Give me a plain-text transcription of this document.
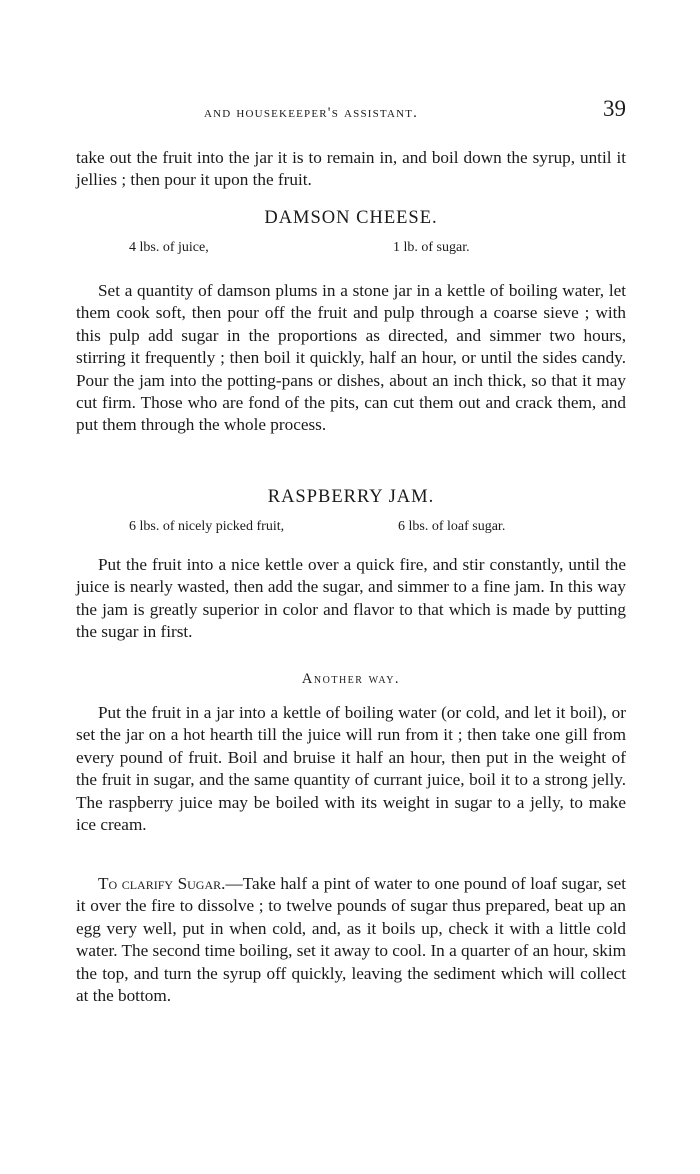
and housekeeper's assistant.	39

take out the fruit into the jar it is to remain in, and boil down the syrup, until it jellies ; then pour it upon the fruit.

DAMSON CHEESE.
4 lbs. of juice,	1 lb. of sugar.

Set a quantity of damson plums in a stone jar in a kettle of boiling water, let them cook soft, then pour off the fruit and pulp through a coarse sieve ; with this pulp add sugar in the proportions as directed, and simmer two hours, stirring it frequently ; then boil it quickly, half an hour, or until the sides candy. Pour the jam into the potting-pans or dishes, about an inch thick, so that it may cut firm. Those who are fond of the pits, can cut them out and crack them, and put them through the whole process.

RASPBERRY JAM.
6 lbs. of nicely picked fruit,	6 lbs. of loaf sugar.

Put the fruit into a nice kettle over a quick fire, and stir constantly, until the juice is nearly wasted, then add the sugar, and simmer to a fine jam. In this way the jam is greatly superior in color and flavor to that which is made by putting the sugar in first.

Another way.

Put the fruit in a jar into a kettle of boiling water (or cold, and let it boil), or set the jar on a hot hearth till the juice will run from it ; then take one gill from every pound of fruit. Boil and bruise it half an hour, then put in the weight of the fruit in sugar, and the same quantity of currant juice, boil it to a strong jelly. The raspberry juice may be boiled with its weight in sugar to a jelly, to make ice cream.

To clarify Sugar.—Take half a pint of water to one pound of loaf sugar, set it over the fire to dissolve ; to twelve pounds of sugar thus prepared, beat up an egg very well, put in when cold, and, as it boils up, check it with a little cold water. The second time boiling, set it away to cool. In a quarter of an hour, skim the top, and turn the syrup off quickly, leaving the sediment which will collect at the bottom.
